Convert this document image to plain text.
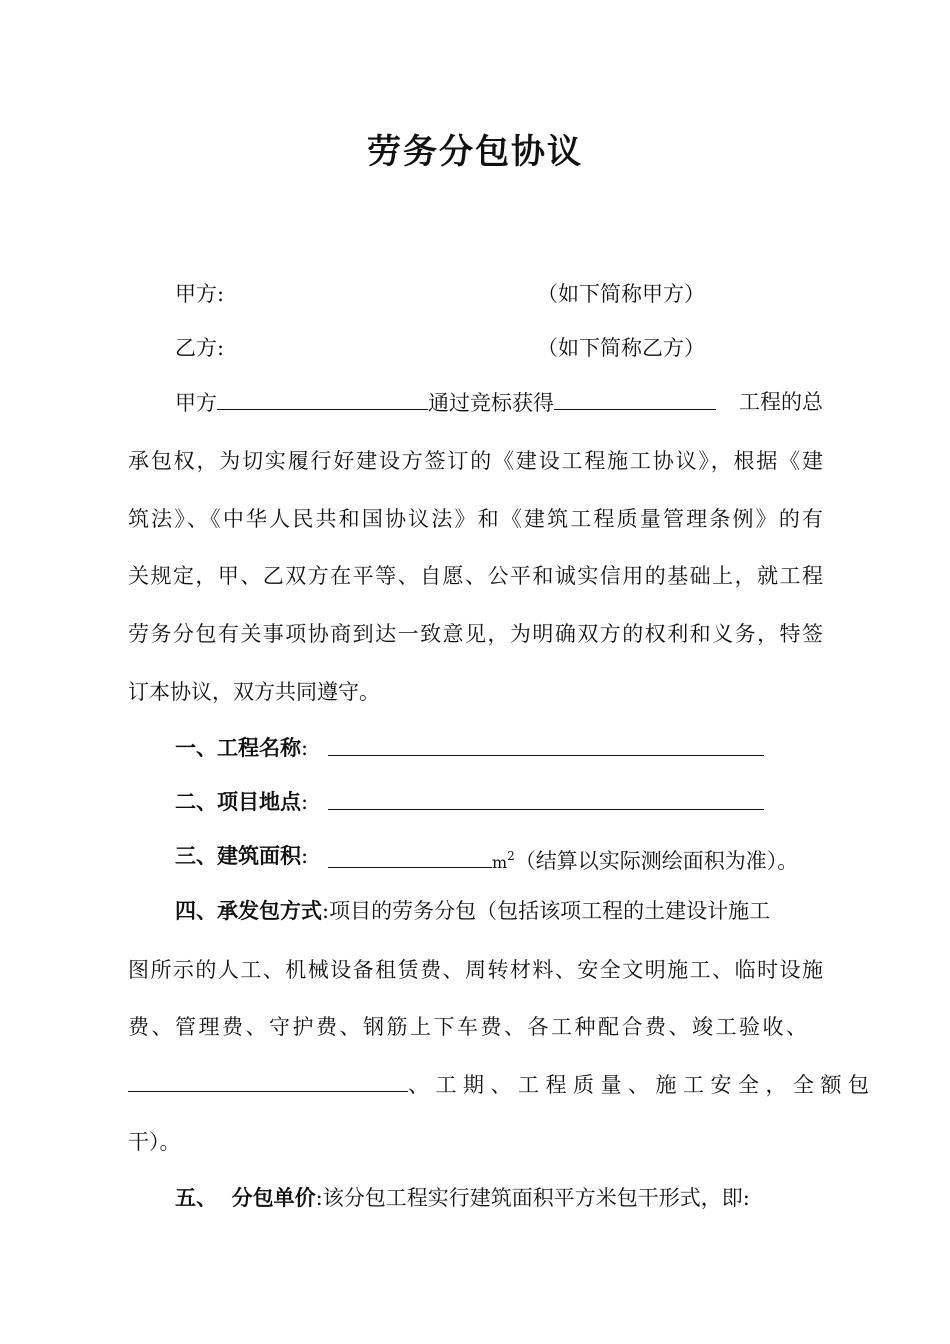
劳务分包协议
甲方:	（如下简称甲方）
乙方:	（如下简称乙方）
甲方	通过竞标获得	工程的总
承包权，为切实履行好建设方签订的《建设工程施工协议》，根据《建
筑法》、《中华人民共和国协议法》和《建筑工程质量管理条例》的有
关规定，甲、乙双方在平等、自愿、公平和诚实信用的基础上，就工程
劳务分包有关事项协商到达一致意见，为明确双方的权利和义务，特签
订本协议，双方共同遵守。
一、工程名称:
二、项目地点:
三、建筑面积:	$m^2$（结算以实际测绘面积为准）。
四、承发包方式:项目的劳务分包（包括该项工程的土建设计施工
图所示的人工、机械设备租赁费、周转材料、安全文明施工、临时设施
费、管理费、守护费、钢筋上下车费、各工种配合费、竣工验收、
、工期、工程质量、施工安全，全额包
干）。
五、  分包单价:该分包工程实行建筑面积平方米包干形式，即:
